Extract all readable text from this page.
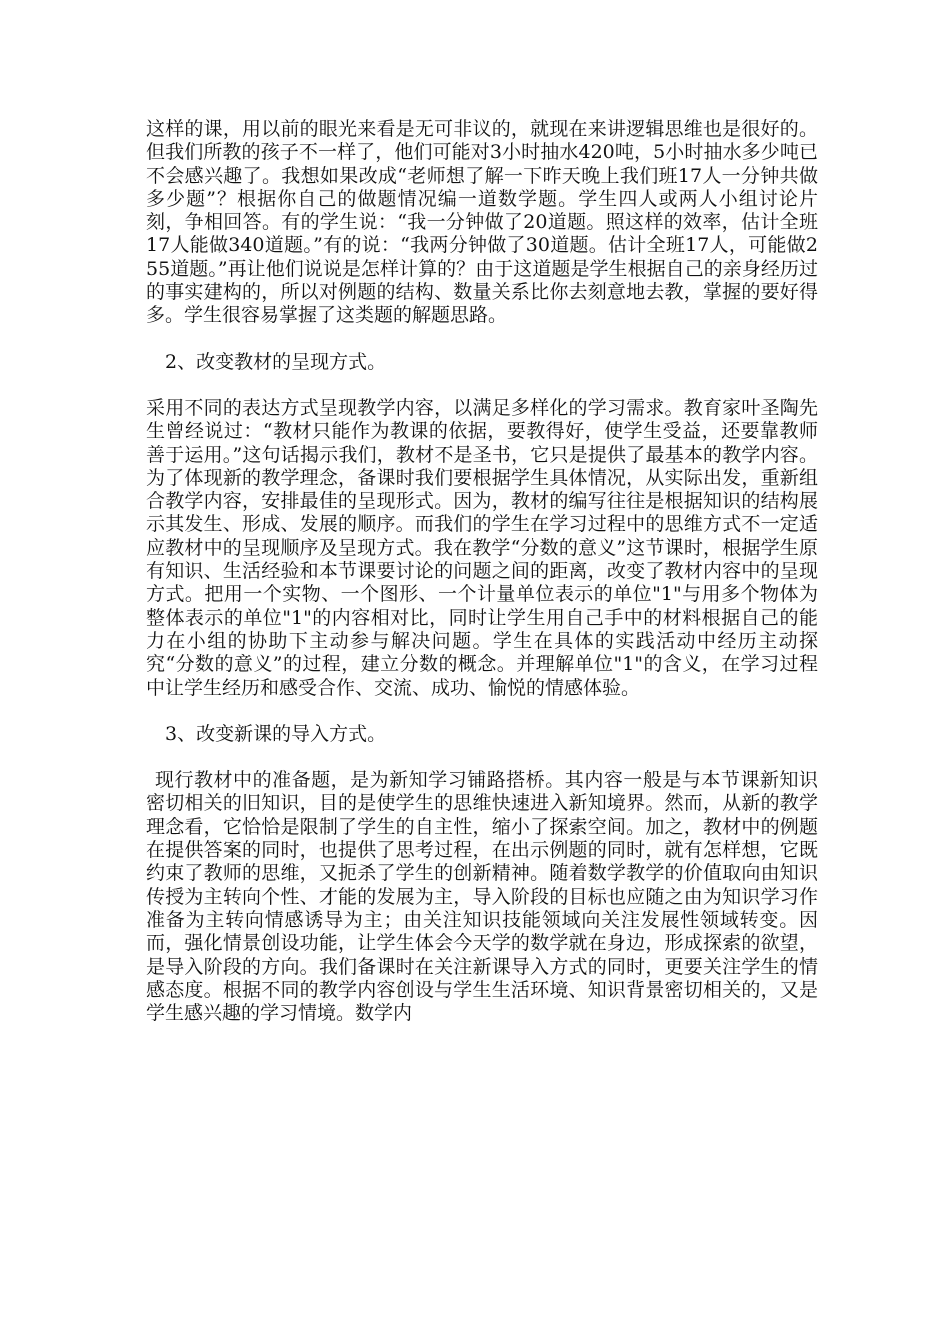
这样的课，用以前的眼光来看是无可非议的，就现在来讲逻辑思维也是很好的。但我们所教的孩子不一样了，他们可能对3小时抽水420吨，5小时抽水多少吨已不会感兴趣了。我想如果改成“老师想了解一下昨天晚上我们班17人一分钟共做多少题”？根据你自己的做题情况编一道数学题。学生四人或两人小组讨论片刻，争相回答。有的学生说：“我一分钟做了20道题。照这样的效率，估计全班17人能做340道题。”有的说：“我两分钟做了30道题。估计全班17人，可能做255道题。”再让他们说说是怎样计算的？由于这道题是学生根据自己的亲身经历过的事实建构的，所以对例题的结构、数量关系比你去刻意地去教，掌握的要好得多。学生很容易掌握了这类题的解题思路。

2、改变教材的呈现方式。

采用不同的表达方式呈现教学内容，以满足多样化的学习需求。教育家叶圣陶先生曾经说过：“教材只能作为教课的依据，要教得好，使学生受益，还要靠教师善于运用。”这句话揭示我们，教材不是圣书，它只是提供了最基本的教学内容。为了体现新的教学理念，备课时我们要根据学生具体情况，从实际出发，重新组合教学内容，安排最佳的呈现形式。因为，教材的编写往往是根据知识的结构展示其发生、形成、发展的顺序。而我们的学生在学习过程中的思维方式不一定适应教材中的呈现顺序及呈现方式。我在教学“分数的意义”这节课时，根据学生原有知识、生活经验和本节课要讨论的问题之间的距离，改变了教材内容中的呈现方式。把用一个实物、一个图形、一个计量单位表示的单位"1"与用多个物体为整体表示的单位"1"的内容相对比，同时让学生用自己手中的材料根据自己的能力在小组的协助下主动参与解决问题。学生在具体的实践活动中经历主动探究“分数的意义”的过程，建立分数的概念。并理解单位"1"的含义，在学习过程中让学生经历和感受合作、交流、成功、愉悦的情感体验。

3、改变新课的导入方式。

现行教材中的准备题，是为新知学习铺路搭桥。其内容一般是与本节课新知识密切相关的旧知识，目的是使学生的思维快速进入新知境界。然而，从新的教学理念看，它恰恰是限制了学生的自主性，缩小了探索空间。加之，教材中的例题在提供答案的同时，也提供了思考过程，在出示例题的同时，就有怎样想，它既约束了教师的思维，又扼杀了学生的创新精神。随着数学教学的价值取向由知识传授为主转向个性、才能的发展为主，导入阶段的目标也应随之由为知识学习作准备为主转向情感诱导为主；由关注知识技能领域向关注发展性领域转变。因而，强化情景创设功能，让学生体会今天学的数学就在身边，形成探索的欲望，是导入阶段的方向。我们备课时在关注新课导入方式的同时，更要关注学生的情感态度。根据不同的教学内容创设与学生生活环境、知识背景密切相关的，又是学生感兴趣的学习情境。数学内
